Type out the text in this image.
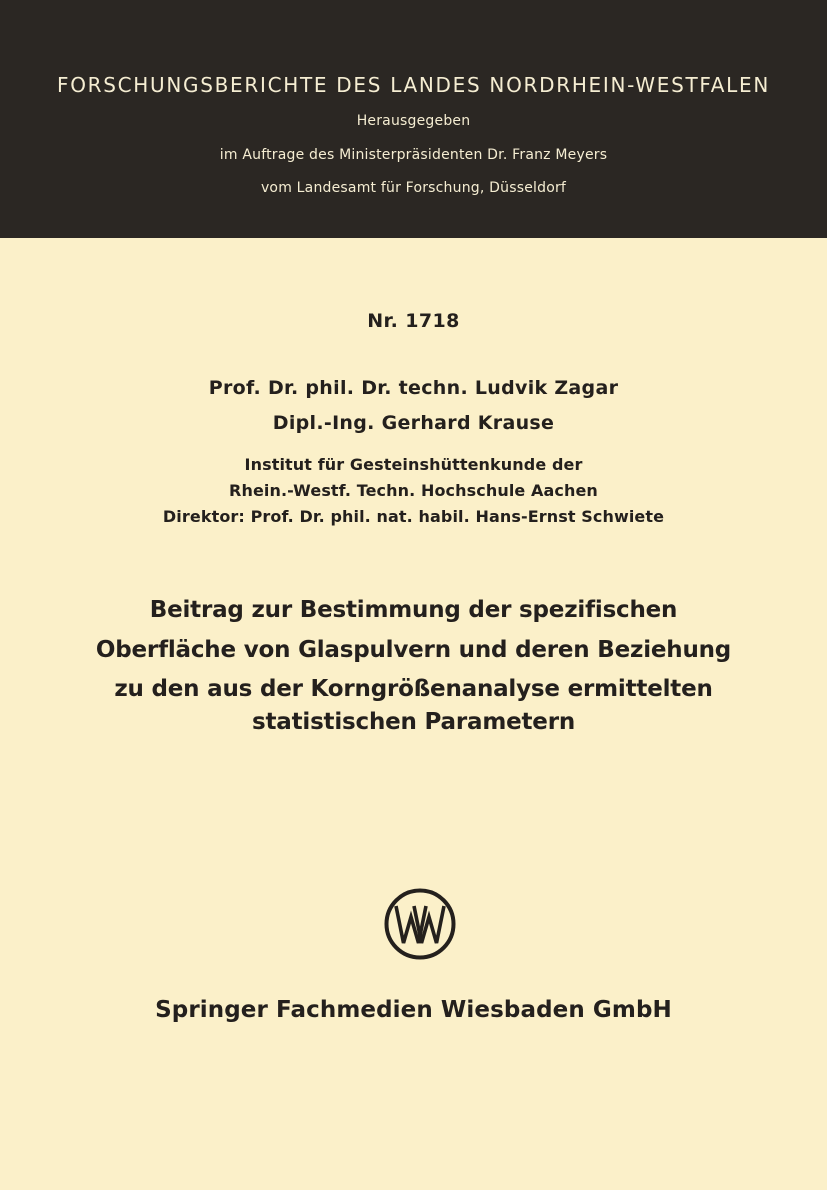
FORSCHUNGSBERICHTE DES LANDES NORDRHEIN-WESTFALEN
Herausgegeben
im Auftrage des Ministerpräsidenten Dr. Franz Meyers
vom Landesamt für Forschung, Düsseldorf
Nr. 1718
Prof. Dr. phil. Dr. techn. Ludvik Zagar
Dipl.-Ing. Gerhard Krause
Institut für Gesteinshüttenkunde der
Rhein.-Westf. Techn. Hochschule Aachen
Direktor: Prof. Dr. phil. nat. habil. Hans-Ernst Schwiete
Beitrag zur Bestimmung der spezifischen
Oberfläche von Glaspulvern und deren Beziehung
zu den aus der Korngrößenanalyse ermittelten
statistischen Parametern
Springer Fachmedien Wiesbaden GmbH
